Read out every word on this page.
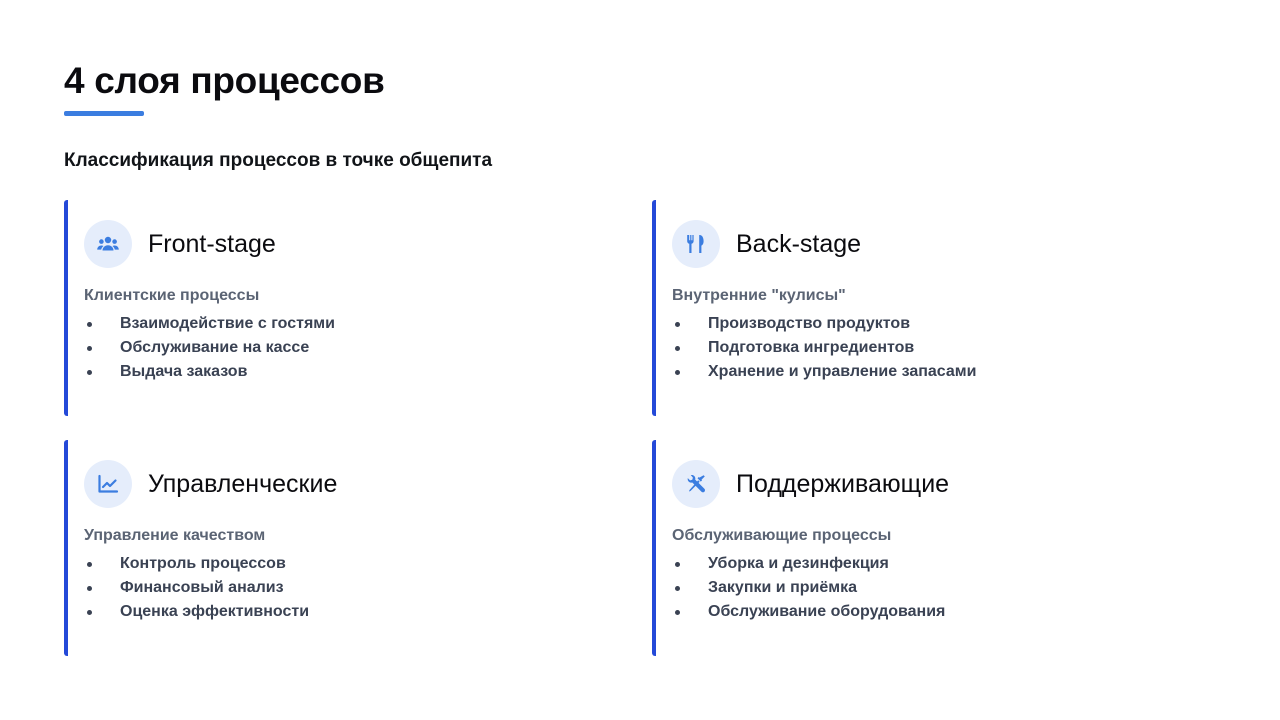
4 слоя процессов
Классификация процессов в точке общепита
Front-stage
Клиентские процессы
Взаимодействие с гостями
Обслуживание на кассе
Выдача заказов
Back-stage
Внутренние "кулисы"
Производство продуктов
Подготовка ингредиентов
Хранение и управление запасами
Управленческие
Управление качеством
Контроль процессов
Финансовый анализ
Оценка эффективности
Поддерживающие
Обслуживающие процессы
Уборка и дезинфекция
Закупки и приёмка
Обслуживание оборудования
